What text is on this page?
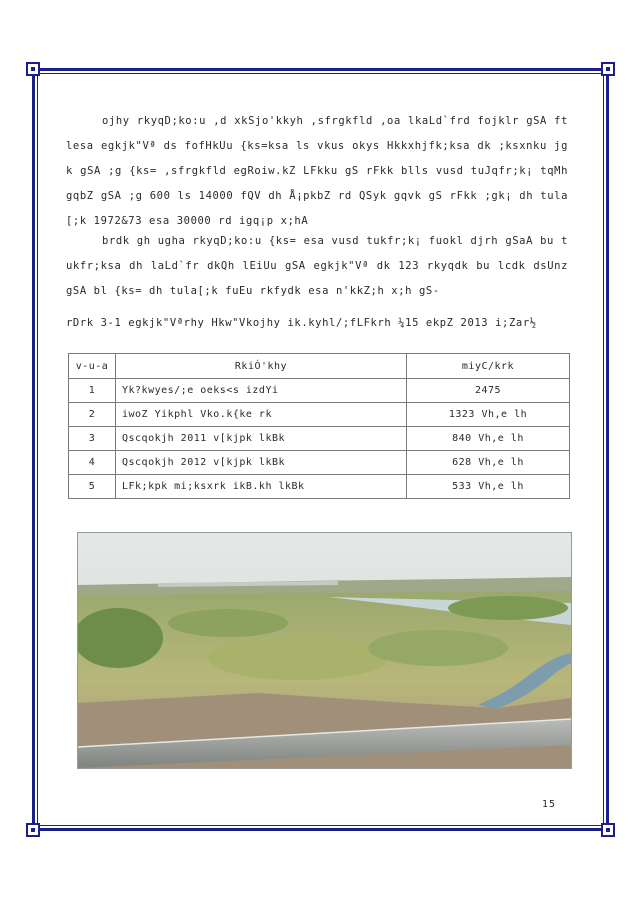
ojhy rkyqD;ko:u ,d xkSjo'kkyh ,sfrgkfld ,oa lkaLd`frd fojklr gSA ftlesa egkjk"Vª ds fofHkUu {ks=ksa ls vkus okys Hkkxhjfk;ksa dk ;ksxnku jgk gSA ;g {ks= ,sfrgkfld egRoiw.kZ LFkku gS rFkk blls vusd tuJqfr;k¡ tqMh gqbZ gSA ;g 600 ls 14000 fQV dh Å¡pkbZ rd QSyk gqvk gS rFkk ;gk¡ dh tula[;k 1972&73 esa 30000 rd igq¡p x;hA

brdk gh ugha rkyqD;ko:u {ks= esa vusd tukfr;k¡ fuokl djrh gSaA bu tukfr;ksa dh laLd`fr dkQh lEiUu gSA egkjk"Vª dk 123 rkyqdk bu lcdk dsUnz gSA bl {ks= dh tula[;k fuEu rkfydk esa n'kkZ;h x;h gS-

rDrk 3-1 egkjk"Vªrhy Hkw"Vkojhy ik.kyhl/;fLFkrh ¼15 ekpZ 2013 i;Zar½

v-u-a	RkiÓ'khy	miyC/krk
1	Yk?kwyes/;e oeks<s izdYi	2475
2	iwoZ Yikphl Vko.k{ke rk	1323 Vh,e lh
3	Qscqokjh 2011 v[kjpk lkBk	840 Vh,e lh
4	Qscqokjh 2012 v[kjpk lkBk	628 Vh,e lh
5	LFk;kpk mi;ksxrk ikB.kh lkBk	533 Vh,e lh
15
